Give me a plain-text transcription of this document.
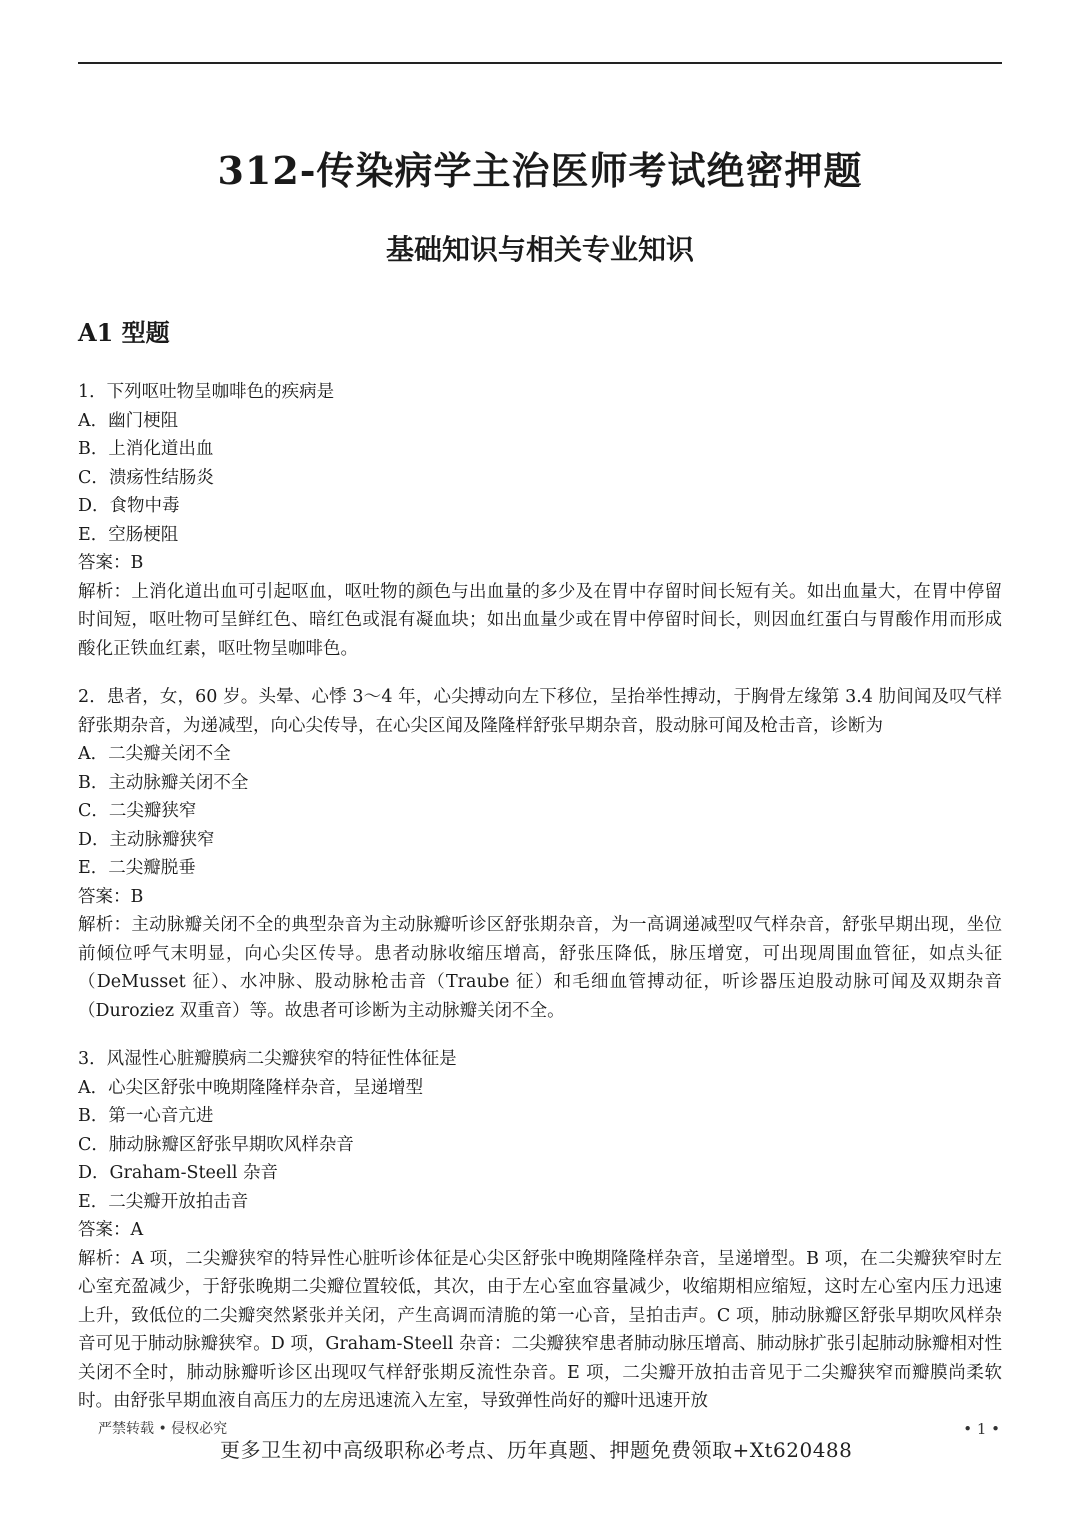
312-传染病学主治医师考试绝密押题
基础知识与相关专业知识
A1 型题
1．下列呕吐物呈咖啡色的疾病是
A．幽门梗阻
B．上消化道出血
C．溃疡性结肠炎
D．食物中毒
E．空肠梗阻
答案：B
解析：上消化道出血可引起呕血，呕吐物的颜色与出血量的多少及在胃中存留时间长短有关。如出血量大，在胃中停留时间短，呕吐物可呈鲜红色、暗红色或混有凝血块；如出血量少或在胃中停留时间长，则因血红蛋白与胃酸作用而形成酸化正铁血红素，呕吐物呈咖啡色。
2．患者，女，60 岁。头晕、心悸 3～4 年，心尖搏动向左下移位，呈抬举性搏动，于胸骨左缘第 3.4 肋间闻及叹气样舒张期杂音，为递减型，向心尖传导，在心尖区闻及隆隆样舒张早期杂音，股动脉可闻及枪击音，诊断为
A．二尖瓣关闭不全
B．主动脉瓣关闭不全
C．二尖瓣狭窄
D．主动脉瓣狭窄
E．二尖瓣脱垂
答案：B
解析：主动脉瓣关闭不全的典型杂音为主动脉瓣听诊区舒张期杂音，为一高调递减型叹气样杂音，舒张早期出现，坐位前倾位呼气末明显，向心尖区传导。患者动脉收缩压增高，舒张压降低，脉压增宽，可出现周围血管征，如点头征（DeMusset 征）、水冲脉、股动脉枪击音（Traube 征）和毛细血管搏动征，听诊器压迫股动脉可闻及双期杂音（Duroziez 双重音）等。故患者可诊断为主动脉瓣关闭不全。
3．风湿性心脏瓣膜病二尖瓣狭窄的特征性体征是
A．心尖区舒张中晚期隆隆样杂音，呈递增型
B．第一心音亢进
C．肺动脉瓣区舒张早期吹风样杂音
D．Graham-Steell 杂音
E．二尖瓣开放拍击音
答案：A
解析：A 项，二尖瓣狭窄的特异性心脏听诊体征是心尖区舒张中晚期隆隆样杂音，呈递增型。B 项，在二尖瓣狭窄时左心室充盈减少，于舒张晚期二尖瓣位置较低，其次，由于左心室血容量减少，收缩期相应缩短，这时左心室内压力迅速上升，致低位的二尖瓣突然紧张并关闭，产生高调而清脆的第一心音，呈拍击声。C 项，肺动脉瓣区舒张早期吹风样杂音可见于肺动脉瓣狭窄。D 项，Graham-Steell 杂音：二尖瓣狭窄患者肺动脉压增高、肺动脉扩张引起肺动脉瓣相对性关闭不全时，肺动脉瓣听诊区出现叹气样舒张期反流性杂音。E 项，二尖瓣开放拍击音见于二尖瓣狭窄而瓣膜尚柔软时。由舒张早期血液自高压力的左房迅速流入左室，导致弹性尚好的瓣叶迅速开放
严禁转载 • 侵权必究
更多卫生初中高级职称必考点、历年真题、押题免费领取+Xt620488
• 1 •
